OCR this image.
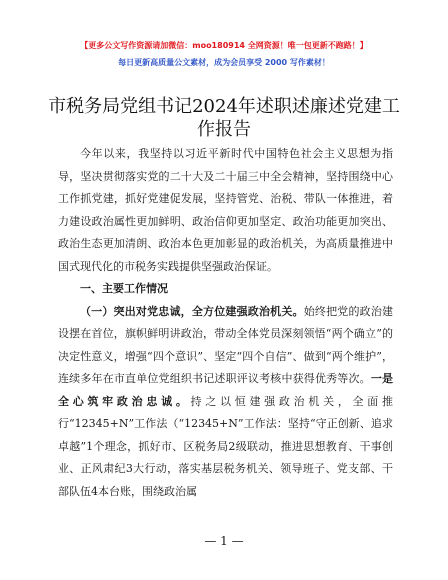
【更多公文写作资源请加微信：moo180914 全网资源！唯一包更新不跑路！】
每日更新高质量公文素材，成为会员享受 2000 写作素材！
市税务局党组书记2024年述职述廉述党建工作报告

今年以来，我坚持以习近平新时代中国特色社会主义思想为指导，坚决贯彻落实党的二十大及二十届三中全会精神，坚持围绕中心工作抓党建，抓好党建促发展，坚持管党、治税、带队一体推进，着力建设政治属性更加鲜明、政治信仰更加坚定、政治功能更加突出、政治生态更加清朗、政治本色更加彰显的政治机关，为高质量推进中国式现代化的市税务实践提供坚强政治保证。

一、主要工作情况

（一）突出对党忠诚，全方位建强政治机关。始终把党的政治建设摆在首位，旗帜鲜明讲政治，带动全体党员深刻领悟“两个确立”的决定性意义，增强“四个意识”、坚定“四个自信”、做到“两个维护”，连续多年在市直单位党组织书记述职评议考核中获得优秀等次。一是全心筑牢政治忠诚。持之以恒建强政治机关，全面推行“12345+N”工作法（“12345+N”工作法：坚持“守正创新、追求卓越”1个理念，抓好市、区税务局2级联动，推进思想教育、干事创业、正风肃纪3大行动，落实基层税务机关、领导班子、党支部、干部队伍4本台账，围绕政治属

— 1 —
